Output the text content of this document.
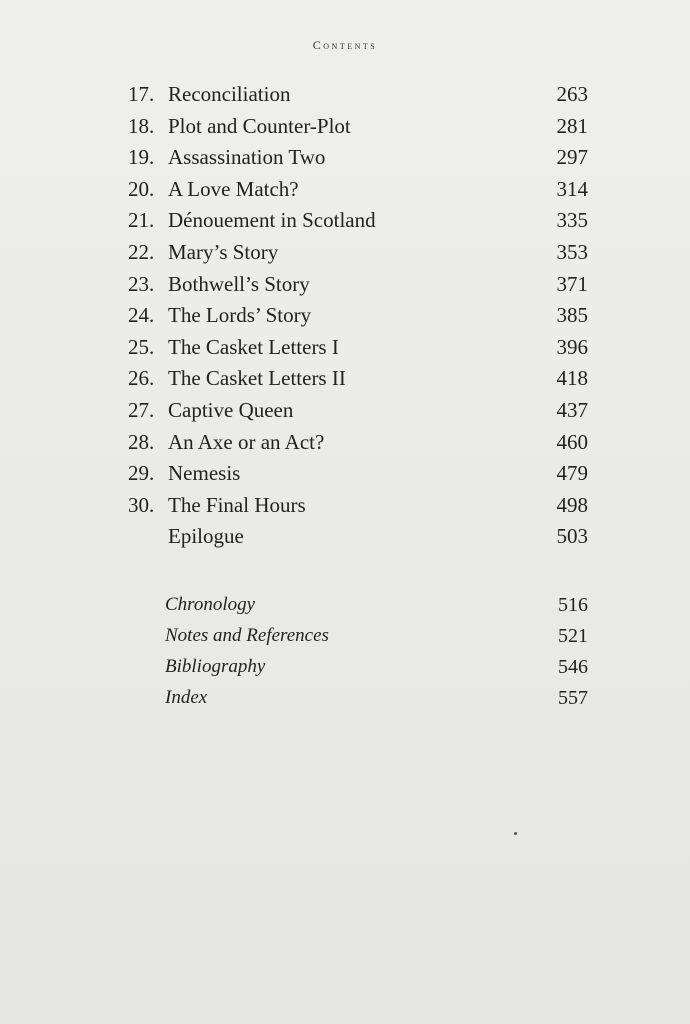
Contents
17. Reconciliation	263
18. Plot and Counter-Plot	281
19. Assassination Two	297
20. A Love Match?	314
21. Dénouement in Scotland	335
22. Mary’s Story	353
23. Bothwell’s Story	371
24. The Lords’ Story	385
25. The Casket Letters I	396
26. The Casket Letters II	418
27. Captive Queen	437
28. An Axe or an Act?	460
29. Nemesis	479
30. The Final Hours	498
Epilogue	503
Chronology	516
Notes and References	521
Bibliography	546
Index	557
